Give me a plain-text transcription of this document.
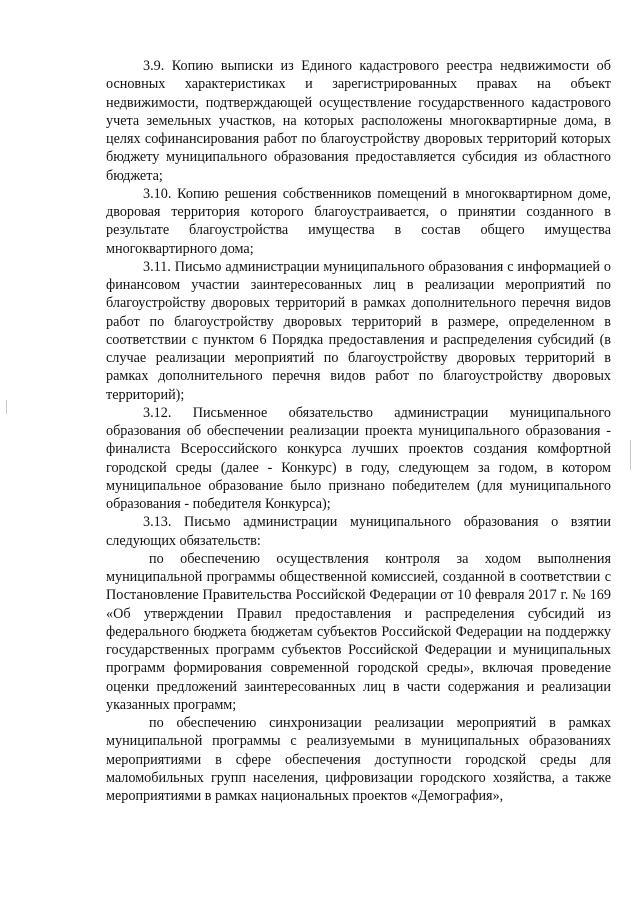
3.9. Копию выписки из Единого кадастрового реестра недвижимости об основных характеристиках и зарегистрированных правах на объект недвижимости, подтверждающей осуществление государственного кадастрового учета земельных участков, на которых расположены многоквартирные дома, в целях софинансирования работ по благоустройству дворовых территорий которых бюджету муниципального образования предоставляется субсидия из областного бюджета;

3.10. Копию решения собственников помещений в многоквартирном доме, дворовая территория которого благоустраивается, о принятии созданного в результате благоустройства имущества в состав общего имущества многоквартирного дома;

3.11. Письмо администрации муниципального образования с информацией о финансовом участии заинтересованных лиц в реализации мероприятий по благоустройству дворовых территорий в рамках дополнительного перечня видов работ по благоустройству дворовых территорий в размере, определенном в соответствии с пунктом 6 Порядка предоставления и распределения субсидий (в случае реализации мероприятий по благоустройству дворовых территорий в рамках дополнительного перечня видов работ по благоустройству дворовых территорий);

3.12. Письменное обязательство администрации муниципального образования об обеспечении реализации проекта муниципального образования - финалиста Всероссийского конкурса лучших проектов создания комфортной городской среды (далее - Конкурс) в году, следующем за годом, в котором муниципальное образование было признано победителем (для муниципального образования - победителя Конкурса);

3.13. Письмо администрации муниципального образования о взятии следующих обязательств:

по обеспечению осуществления контроля за ходом выполнения муниципальной программы общественной комиссией, созданной в соответствии с Постановление Правительства Российской Федерации от 10 февраля 2017 г. № 169 «Об утверждении Правил предоставления и распределения субсидий из федерального бюджета бюджетам субъектов Российской Федерации на поддержку государственных программ субъектов Российской Федерации и муниципальных программ формирования современной городской среды», включая проведение оценки предложений заинтересованных лиц в части содержания и реализации указанных программ;

по обеспечению синхронизации реализации мероприятий в рамках муниципальной программы с реализуемыми в муниципальных образованиях мероприятиями в сфере обеспечения доступности городской среды для маломобильных групп населения, цифровизации городского хозяйства, а также мероприятиями в рамках национальных проектов «Демография»,
